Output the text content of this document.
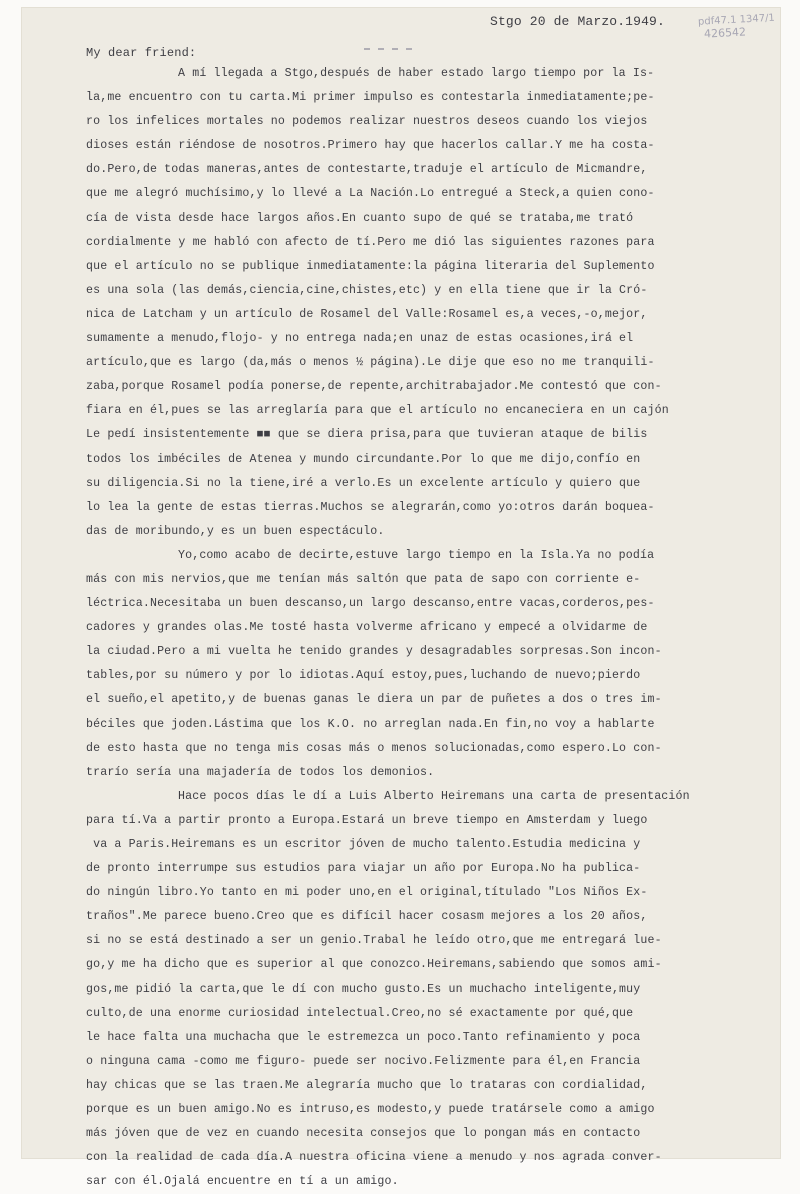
pdf47.1 1347/1
426542
Stgo 20 de Marzo.1949.
My dear friend:
A mí llegada a Stgo,después de haber estado largo tiempo por la Is-
la,me encuentro con tu carta.Mi primer impulso es contestarla inmediatamente;pe-
ro los infelices mortales no podemos realizar nuestros deseos cuando los viejos
dioses están riéndose de nosotros.Primero hay que hacerlos callar.Y me ha costa-
do.Pero,de todas maneras,antes de contestarte,traduje el artículo de Micmandre,
que me alegró muchísimo,y lo llevé a La Nación.Lo entregué a Steck,a quien cono-
cía de vista desde hace largos años.En cuanto supo de qué se trataba,me trató
cordialmente y me habló con afecto de tí.Pero me dió las siguientes razones para
que el artículo no se publique inmediatamente:la página literaria del Suplemento
es una sola (las demás,ciencia,cine,chistes,etc) y en ella tiene que ir la Cró-
nica de Latcham y un artículo de Rosamel del Valle:Rosamel es,a veces,-o,mejor,
sumamente a menudo,flojo- y no entrega nada;en unaz de estas ocasiones,irá el
artículo,que es largo (da,más o menos ½ página).Le dije que eso no me tranquili-
zaba,porque Rosamel podía ponerse,de repente,architrabajador.Me contestó que con-
fiara en él,pues se las arreglaría para que el artículo no encaneciera en un cajón
Le pedí insistentemente ■■ que se diera prisa,para que tuvieran ataque de bilis
todos los imbéciles de Atenea y mundo circundante.Por lo que me dijo,confío en
su diligencia.Si no la tiene,iré a verlo.Es un excelente artículo y quiero que
lo lea la gente de estas tierras.Muchos se alegrarán,como yo:otros darán boquea-
das de moribundo,y es un buen espectáculo.
Yo,como acabo de decirte,estuve largo tiempo en la Isla.Ya no podía
más con mis nervios,que me tenían más saltón que pata de sapo con corriente e-
léctrica.Necesitaba un buen descanso,un largo descanso,entre vacas,corderos,pes-
cadores y grandes olas.Me tosté hasta volverme africano y empecé a olvidarme de
la ciudad.Pero a mi vuelta he tenido grandes y desagradables sorpresas.Son incon-
tables,por su número y por lo idiotas.Aquí estoy,pues,luchando de nuevo;pierdo
el sueño,el apetito,y de buenas ganas le diera un par de puñetes a dos o tres im-
béciles que joden.Lástima que los K.O. no arreglan nada.En fin,no voy a hablarte
de esto hasta que no tenga mis cosas más o menos solucionadas,como espero.Lo con-
trarío sería una majadería de todos los demonios.
Hace pocos días le dí a Luis Alberto Heiremans una carta de presentación
para tí.Va a partir pronto a Europa.Estará un breve tiempo en Amsterdam y luego
va a Paris.Heiremans es un escritor jóven de mucho talento.Estudia medicina y
de pronto interrumpe sus estudios para viajar un año por Europa.No ha publica-
do ningún libro.Yo tanto en mi poder uno,en el original,títulado "Los Niños Ex-
traños".Me parece bueno.Creo que es difícil hacer cosasm mejores a los 20 años,
si no se está destinado a ser un genio.Trabal he leído otro,que me entregará lue-
go,y me ha dicho que es superior al que conozco.Heiremans,sabiendo que somos ami-
gos,me pidió la carta,que le dí con mucho gusto.Es un muchacho inteligente,muy
culto,de una enorme curiosidad intelectual.Creo,no sé exactamente por qué,que
le hace falta una muchacha que le estremezca un poco.Tanto refinamiento y poca
o ninguna cama -como me figuro- puede ser nocivo.Felizmente para él,en Francia
hay chicas que se las traen.Me alegraría mucho que lo trataras con cordialidad,
porque es un buen amigo.No es intruso,es modesto,y puede tratársele como a amigo
más jóven que de vez en cuando necesita consejos que lo pongan más en contacto
con la realidad de cada día.A nuestra oficina viene a menudo y nos agrada conver-
sar con él.Ojalá encuentre en tí a un amigo.
